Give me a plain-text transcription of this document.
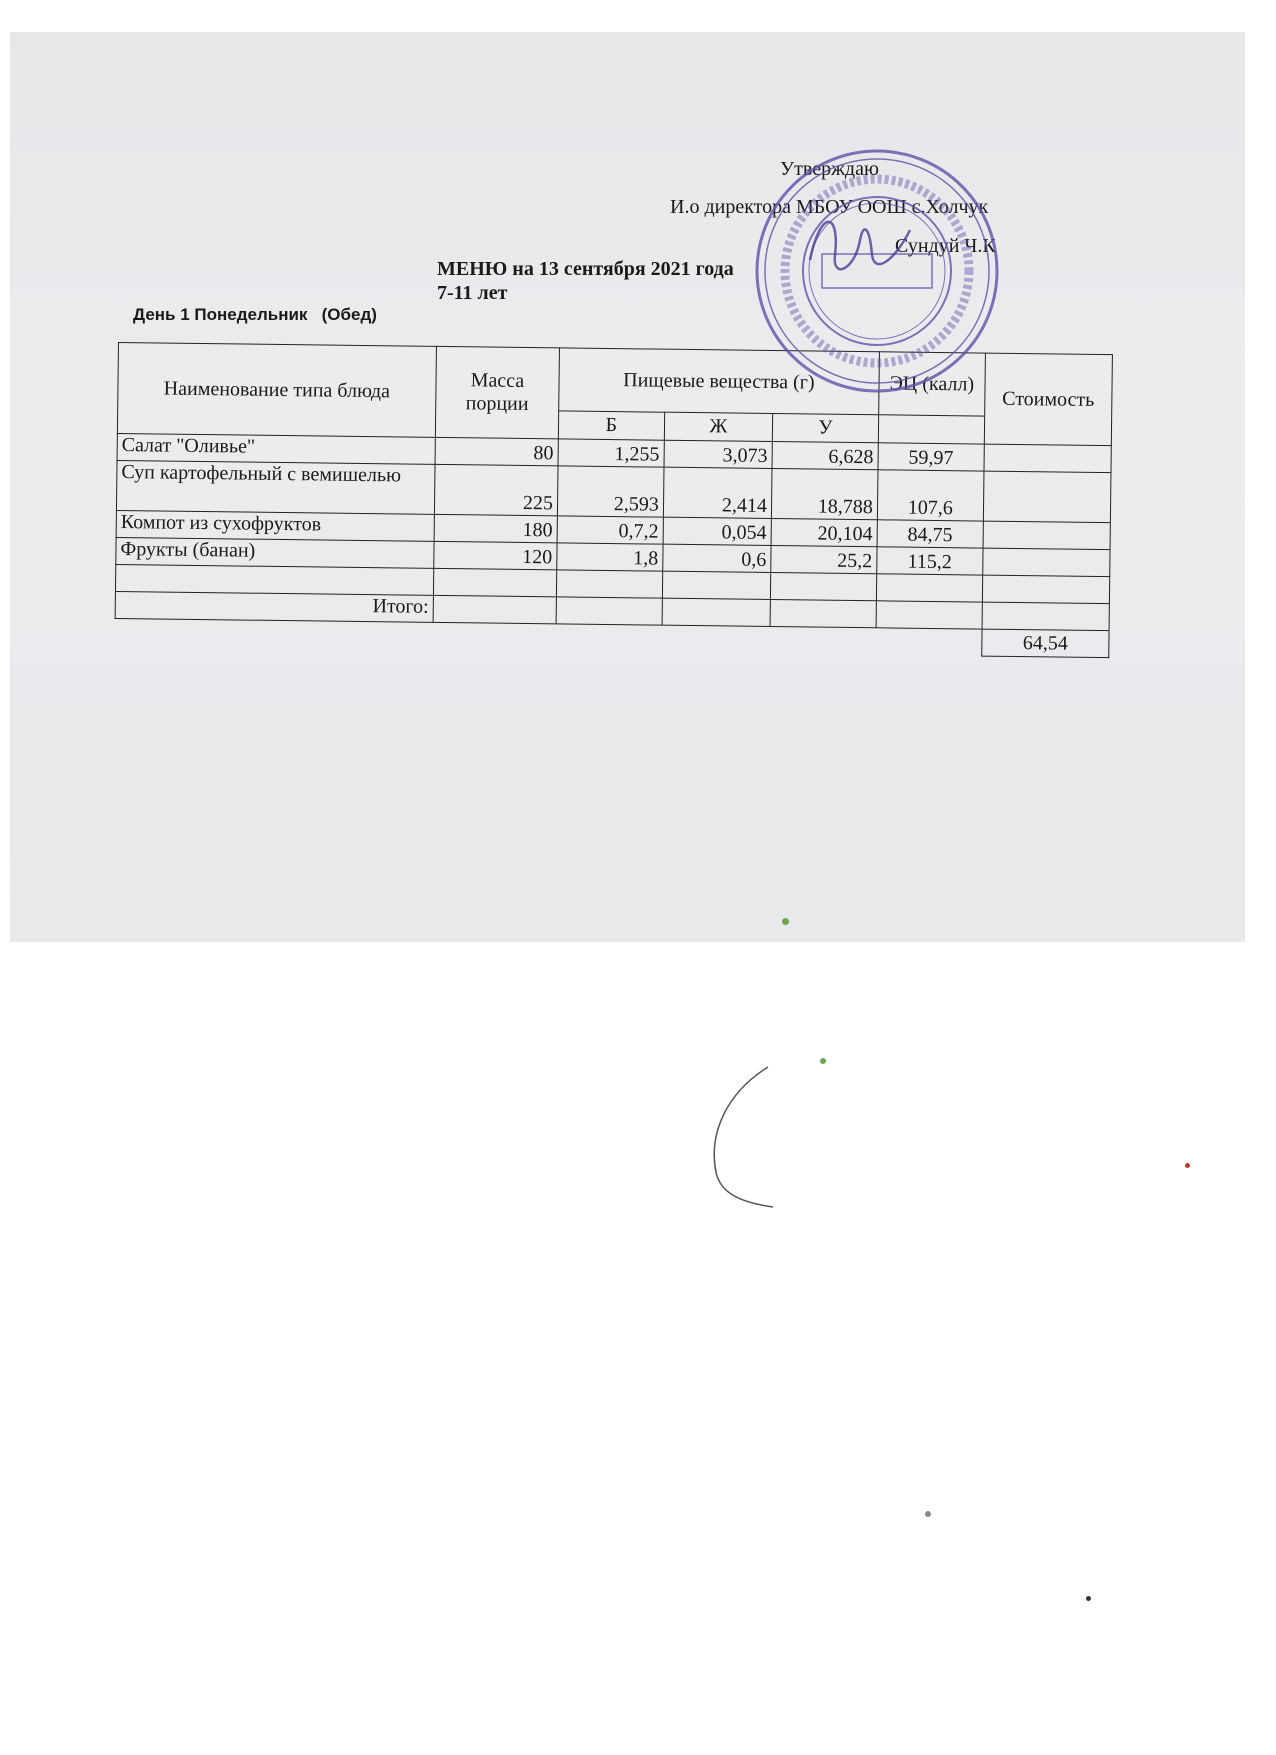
Утверждаю
И.о директора МБОУ ООШ с.Холчук
Сундуй Ч.К
МЕНЮ на 13 сентября 2021 года
7-11 лет
День 1 Понедельник   (Обед)
Наименование типа блюда	Масса порции	Пищевые вещества (г)			ЭЦ (калл)	Стоимость
		Б	Ж	У		
Салат "Оливье"	80	1,255	3,073	6,628	59,97	
Суп картофельный с вемишелью	225	2,593	2,414	18,788	107,6	
Компот из сухофруктов	180	0,7,2	0,054	20,104	84,75	
Фрукты (банан)	120	1,8	0,6	25,2	115,2	

Итого:						
						64,54
